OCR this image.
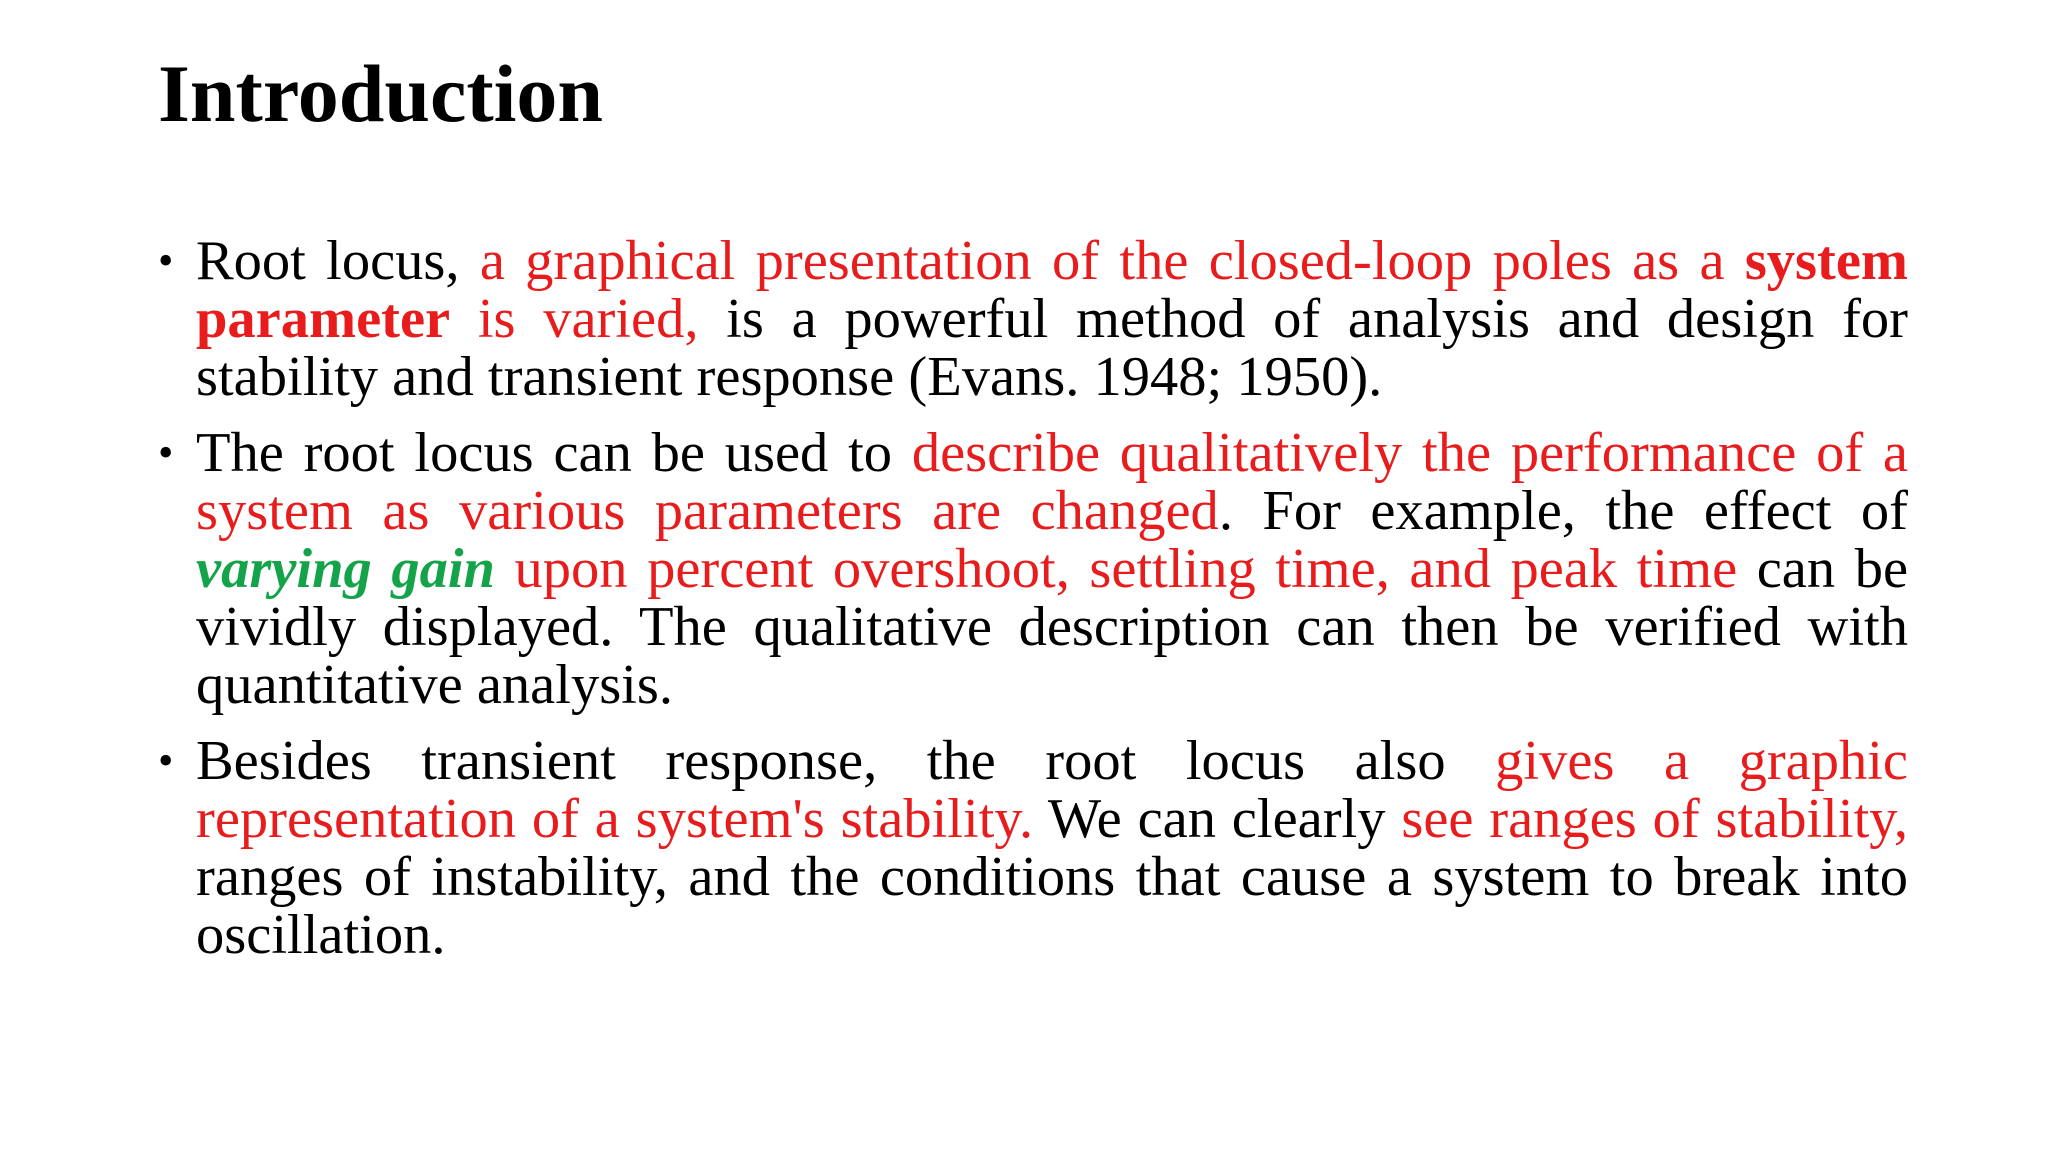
Introduction
• Root locus, a graphical presentation of the closed-loop poles as a system parameter is varied, is a powerful method of analysis and design for stability and transient response (Evans. 1948; 1950).
• The root locus can be used to describe qualitatively the performance of a system as various parameters are changed. For example, the effect of varying gain upon percent overshoot, settling time, and peak time can be vividly displayed. The qualitative description can then be verified with quantitative analysis.
• Besides transient response, the root locus also gives a graphic representation of a system's stability. We can clearly see ranges of stability, ranges of instability, and the conditions that cause a system to break into oscillation.
